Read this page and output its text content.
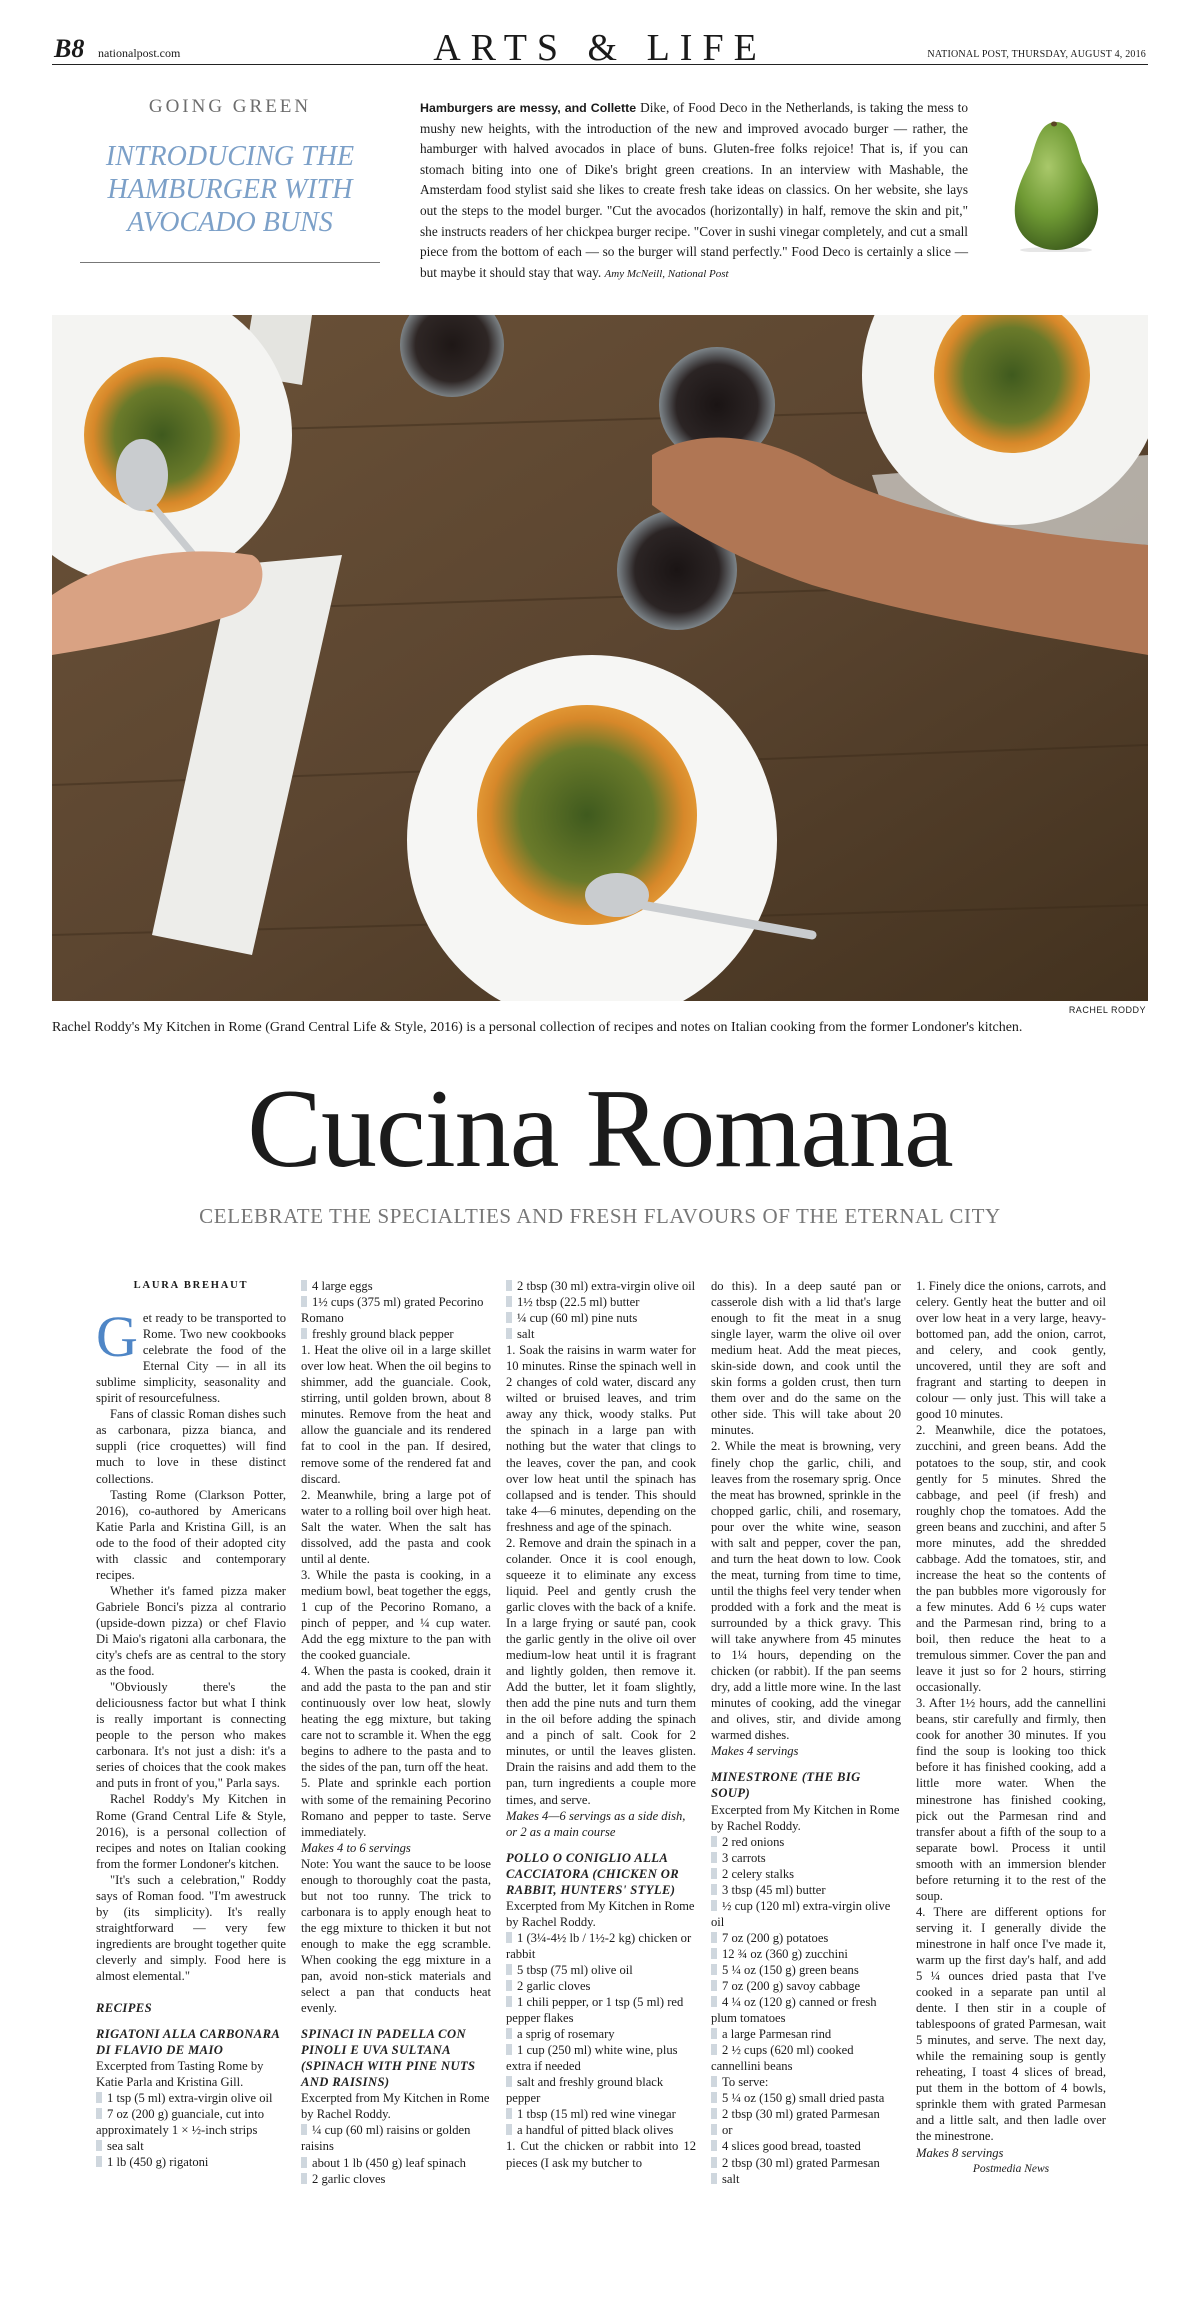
B8 nationalpost.com	ARTS & LIFE	NATIONAL POST, THURSDAY, AUGUST 4, 2016
GOING GREEN
INTRODUCING THE HAMBURGER WITH AVOCADO BUNS
Hamburgers are messy, and Collette Dike, of Food Deco in the Netherlands, is taking the mess to mushy new heights, with the introduction of the new and improved avocado burger — rather, the hamburger with halved avocados in place of buns. Gluten-free folks rejoice! That is, if you can stomach biting into one of Dike's bright green creations. In an interview with Mashable, the Amsterdam food stylist said she likes to create fresh take ideas on classics. On her website, she lays out the steps to the model burger. "Cut the avocados (horizontally) in half, remove the skin and pit," she instructs readers of her chickpea burger recipe. "Cover in sushi vinegar completely, and cut a small piece from the bottom of each — so the burger will stand perfectly." Food Deco is certainly a slice — but maybe it should stay that way. Amy McNeill, National Post
RACHEL RODDY
Rachel Roddy's My Kitchen in Rome (Grand Central Life & Style, 2016) is a personal collection of recipes and notes on Italian cooking from the former Londoner's kitchen.
Cucina Romana
CELEBRATE THE SPECIALTIES AND FRESH FLAVOURS OF THE ETERNAL CITY

LAURA BREHAUT

Get ready to be transported to Rome. Two new cookbooks celebrate the food of the Eternal City — in all its sublime simplicity, seasonality and spirit of resourcefulness.

Fans of classic Roman dishes such as carbonara, pizza bianca, and suppli (rice croquettes) will find much to love in these distinct collections.

Tasting Rome (Clarkson Potter, 2016), co-authored by Americans Katie Parla and Kristina Gill, is an ode to the food of their adopted city with classic and contemporary recipes.

Whether it's famed pizza maker Gabriele Bonci's pizza al contrario (upside-down pizza) or chef Flavio Di Maio's rigatoni alla carbonara, the city's chefs are as central to the story as the food.

"Obviously there's the deliciousness factor but what I think is really important is connecting people to the person who makes carbonara. It's not just a dish: it's a series of choices that the cook makes and puts in front of you," Parla says.

Rachel Roddy's My Kitchen in Rome (Grand Central Life & Style, 2016), is a personal collection of recipes and notes on Italian cooking from the former Londoner's kitchen.

"It's such a celebration," Roddy says of Roman food. "I'm awestruck by (its simplicity). It's really straightforward — very few ingredients are brought together quite cleverly and simply. Food here is almost elemental."

RECIPES

RIGATONI ALLA CARBONARA DI FLAVIO DE MAIO

Excerpted from Tasting Rome by Katie Parla and Kristina Gill.

1 tsp (5 ml) extra-virgin olive oil

7 oz (200 g) guanciale, cut into approximately 1 × ½-inch strips

sea salt

1 lb (450 g) rigatoni

4 large eggs

1½ cups (375 ml) grated Pecorino Romano

freshly ground black pepper

1. Heat the olive oil in a large skillet over low heat. When the oil begins to shimmer, add the guanciale. Cook, stirring, until golden brown, about 8 minutes. Remove from the heat and allow the guanciale and its rendered fat to cool in the pan. If desired, remove some of the rendered fat and discard.

2. Meanwhile, bring a large pot of water to a rolling boil over high heat. Salt the water. When the salt has dissolved, add the pasta and cook until al dente.

3. While the pasta is cooking, in a medium bowl, beat together the eggs, 1 cup of the Pecorino Romano, a pinch of pepper, and ¼ cup water. Add the egg mixture to the pan with the cooked guanciale.

4. When the pasta is cooked, drain it and add the pasta to the pan and stir continuously over low heat, slowly heating the egg mixture, but taking care not to scramble it. When the egg begins to adhere to the pasta and to the sides of the pan, turn off the heat.

5. Plate and sprinkle each portion with some of the remaining Pecorino Romano and pepper to taste. Serve immediately.

Makes 4 to 6 servings

Note: You want the sauce to be loose enough to thoroughly coat the pasta, but not too runny. The trick to carbonara is to apply enough heat to the egg mixture to thicken it but not enough to make the egg scramble. When cooking the egg mixture in a pan, avoid non-stick materials and select a pan that conducts heat evenly.

SPINACI IN PADELLA CON PINOLI E UVA SULTANA (SPINACH WITH PINE NUTS AND RAISINS)

Excerpted from My Kitchen in Rome by Rachel Roddy.

¼ cup (60 ml) raisins or golden raisins

about 1 lb (450 g) leaf spinach

2 garlic cloves

2 tbsp (30 ml) extra-virgin olive oil

1½ tbsp (22.5 ml) butter

¼ cup (60 ml) pine nuts

salt

1. Soak the raisins in warm water for 10 minutes. Rinse the spinach well in 2 changes of cold water, discard any wilted or bruised leaves, and trim away any thick, woody stalks. Put the spinach in a large pan with nothing but the water that clings to the leaves, cover the pan, and cook over low heat until the spinach has collapsed and is tender. This should take 4—6 minutes, depending on the freshness and age of the spinach.

2. Remove and drain the spinach in a colander. Once it is cool enough, squeeze it to eliminate any excess liquid. Peel and gently crush the garlic cloves with the back of a knife. In a large frying or sauté pan, cook the garlic gently in the olive oil over medium-low heat until it is fragrant and lightly golden, then remove it. Add the butter, let it foam slightly, then add the pine nuts and turn them in the oil before adding the spinach and a pinch of salt. Cook for 2 minutes, or until the leaves glisten. Drain the raisins and add them to the pan, turn ingredients a couple more times, and serve.

Makes 4—6 servings as a side dish, or 2 as a main course

POLLO O CONIGLIO ALLA CACCIATORA (CHICKEN OR RABBIT, HUNTERS' STYLE)

Excerpted from My Kitchen in Rome by Rachel Roddy.

1 (3¼-4½ lb / 1½-2 kg) chicken or rabbit

5 tbsp (75 ml) olive oil

2 garlic cloves

1 chili pepper, or 1 tsp (5 ml) red pepper flakes

a sprig of rosemary

1 cup (250 ml) white wine, plus extra if needed

salt and freshly ground black pepper

1 tbsp (15 ml) red wine vinegar

a handful of pitted black olives

1. Cut the chicken or rabbit into 12 pieces (I ask my butcher to

do this). In a deep sauté pan or casserole dish with a lid that's large enough to fit the meat in a snug single layer, warm the olive oil over medium heat. Add the meat pieces, skin-side down, and cook until the skin forms a golden crust, then turn them over and do the same on the other side. This will take about 20 minutes.

2. While the meat is browning, very finely chop the garlic, chili, and leaves from the rosemary sprig. Once the meat has browned, sprinkle in the chopped garlic, chili, and rosemary, pour over the white wine, season with salt and pepper, cover the pan, and turn the heat down to low. Cook the meat, turning from time to time, until the thighs feel very tender when prodded with a fork and the meat is surrounded by a thick gravy. This will take anywhere from 45 minutes to 1¼ hours, depending on the chicken (or rabbit). If the pan seems dry, add a little more wine. In the last minutes of cooking, add the vinegar and olives, stir, and divide among warmed dishes.

Makes 4 servings

MINESTRONE (THE BIG SOUP)

Excerpted from My Kitchen in Rome by Rachel Roddy.

2 red onions

3 carrots

2 celery stalks

3 tbsp (45 ml) butter

½ cup (120 ml) extra-virgin olive oil

7 oz (200 g) potatoes

12 ¾ oz (360 g) zucchini

5 ¼ oz (150 g) green beans

7 oz (200 g) savoy cabbage

4 ¼ oz (120 g) canned or fresh plum tomatoes

a large Parmesan rind

2 ½ cups (620 ml) cooked cannellini beans

To serve:

5 ¼ oz (150 g) small dried pasta

2 tbsp (30 ml) grated Parmesan

or

4 slices good bread, toasted

2 tbsp (30 ml) grated Parmesan

salt

1. Finely dice the onions, carrots, and celery. Gently heat the butter and oil over low heat in a very large, heavy-bottomed pan, add the onion, carrot, and celery, and cook gently, uncovered, until they are soft and fragrant and starting to deepen in colour — only just. This will take a good 10 minutes.

2. Meanwhile, dice the potatoes, zucchini, and green beans. Add the potatoes to the soup, stir, and cook gently for 5 minutes. Shred the cabbage, and peel (if fresh) and roughly chop the tomatoes. Add the green beans and zucchini, and after 5 more minutes, add the shredded cabbage. Add the tomatoes, stir, and increase the heat so the contents of the pan bubbles more vigorously for a few minutes. Add 6 ½ cups water and the Parmesan rind, bring to a boil, then reduce the heat to a tremulous simmer. Cover the pan and leave it just so for 2 hours, stirring occasionally.

3. After 1½ hours, add the cannellini beans, stir carefully and firmly, then cook for another 30 minutes. If you find the soup is looking too thick before it has finished cooking, add a little more water. When the minestrone has finished cooking, pick out the Parmesan rind and transfer about a fifth of the soup to a separate bowl. Process it until smooth with an immersion blender before returning it to the rest of the soup.

4. There are different options for serving it. I generally divide the minestrone in half once I've made it, warm up the first day's half, and add 5 ¼ ounces dried pasta that I've cooked in a separate pan until al dente. I then stir in a couple of tablespoons of grated Parmesan, wait 5 minutes, and serve. The next day, while the remaining soup is gently reheating, I toast 4 slices of bread, put them in the bottom of 4 bowls, sprinkle them with grated Parmesan and a little salt, and then ladle over the minestrone.

Makes 8 servings

Postmedia News
